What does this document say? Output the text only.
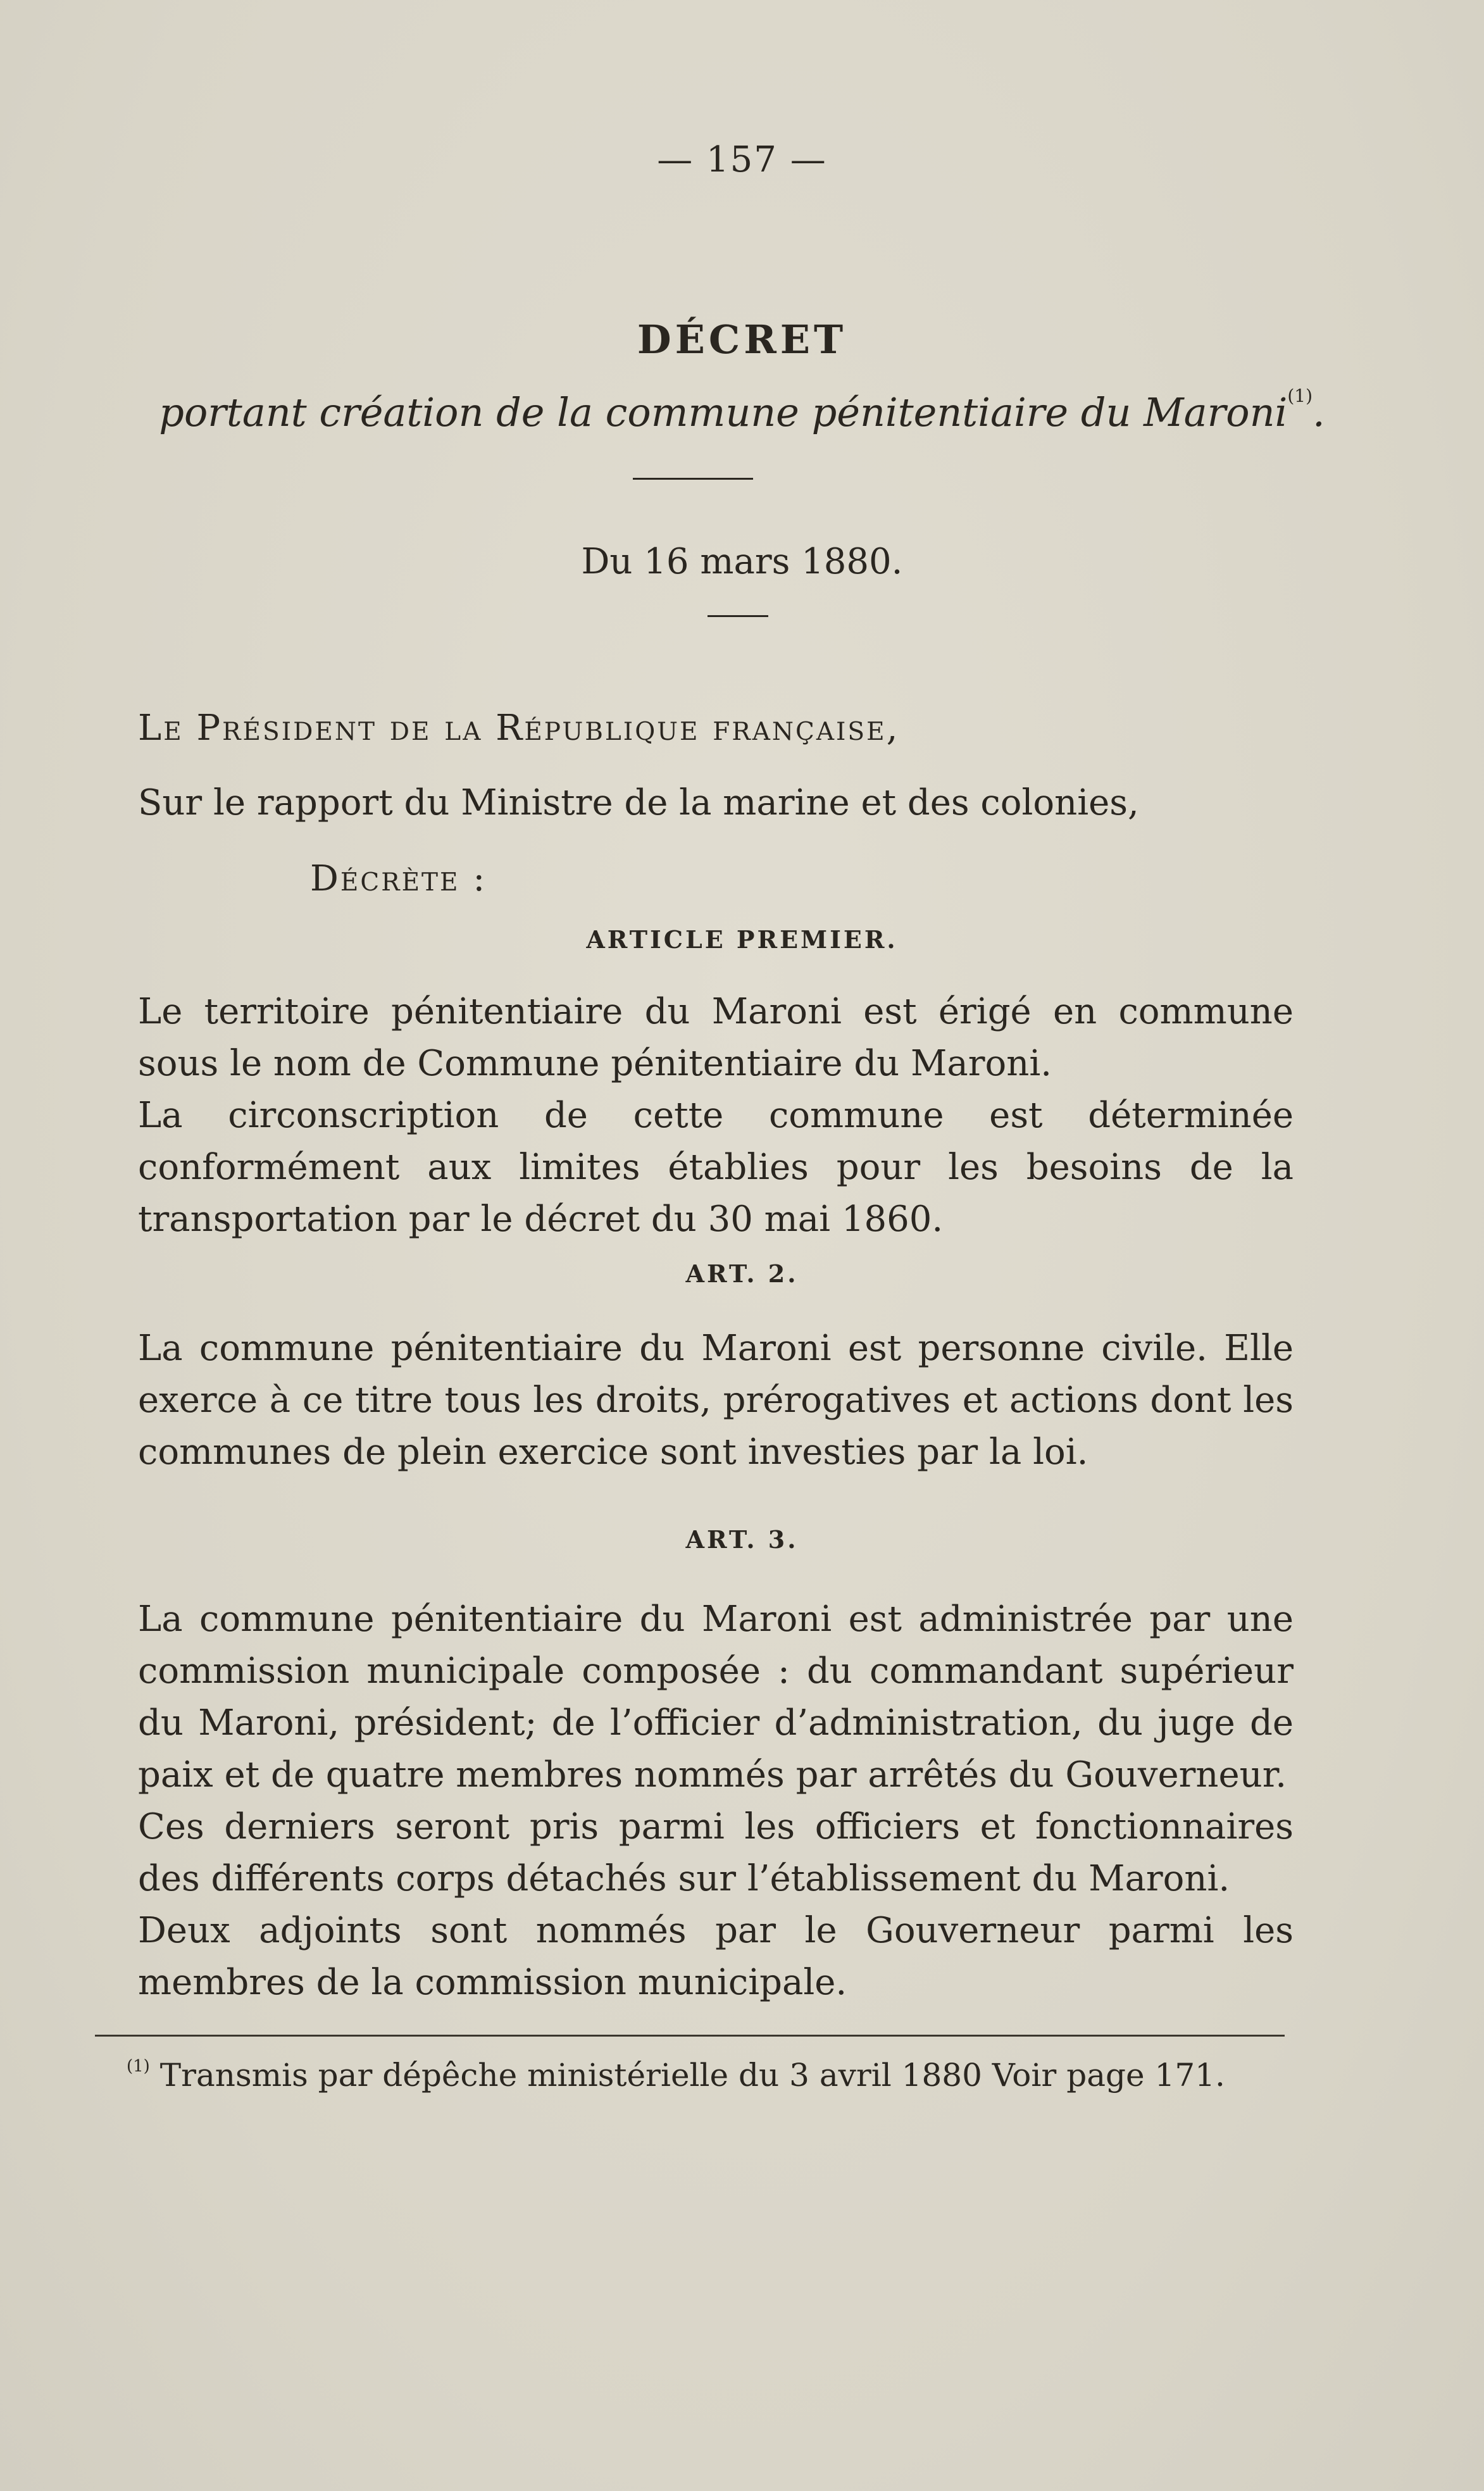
— 157 —
DÉCRET
portant création de la commune pénitentiaire du Maroni$^{(1)}$.
Du 16 mars 1880.
Le Président de la République française,
Sur le rapport du Ministre de la marine et des colonies,
Décrète :
ARTICLE PREMIER.

Le territoire pénitentiaire du Maroni est érigé en commune sous le nom de Commune pénitentiaire du Maroni.

La circonscription de cette commune est déterminée conformément aux limites établies pour les besoins de la transportation par le décret du 30 mai 1860.

ART. 2.

La commune pénitentiaire du Maroni est personne civile. Elle exerce à ce titre tous les droits, prérogatives et actions dont les communes de plein exercice sont investies par la loi.

ART. 3.

La commune pénitentiaire du Maroni est administrée par une commission municipale composée : du commandant supérieur du Maroni, président; de l’officier d’administration, du juge de paix et de quatre membres nommés par arrêtés du Gouverneur.

Ces derniers seront pris parmi les officiers et fonctionnaires des différents corps détachés sur l’établissement du Maroni.

Deux adjoints sont nommés par le Gouverneur parmi les membres de la commission municipale.

$^{(1)}$ Transmis par dépêche ministérielle du 3 avril 1880 Voir page 171.
